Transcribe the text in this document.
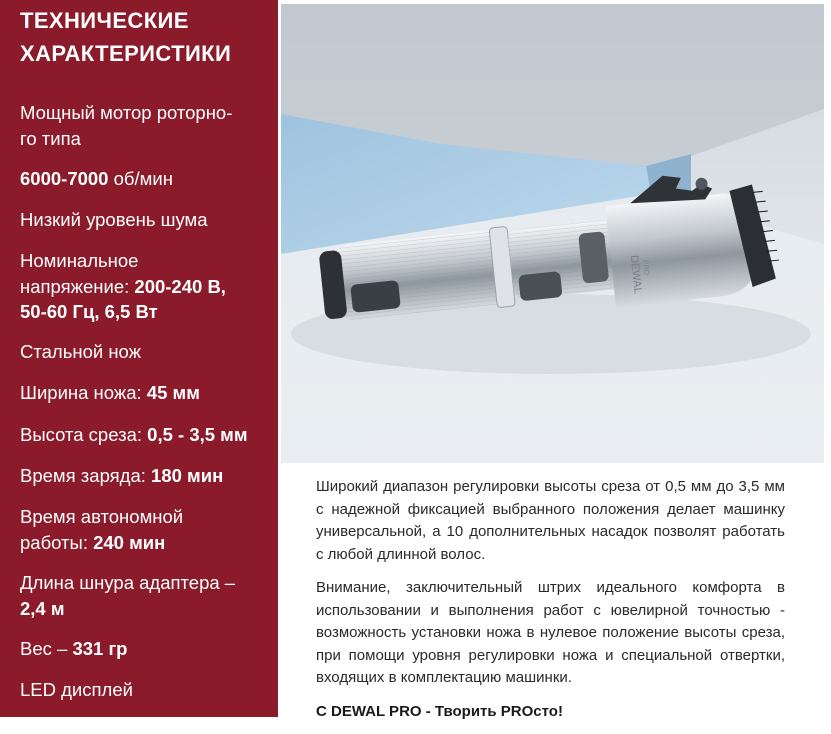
ТЕХНИЧЕСКИЕ
ХАРАКТЕРИСТИКИ
Мощный мотор роторно-
го типа
6000-7000 об/мин
Низкий уровень шума
Номинальное
напряжение: 200-240 В,
50-60 Гц, 6,5 Вт
Стальной нож
Ширина ножа: 45 мм
Высота среза: 0,5 - 3,5 мм
Время заряда: 180 мин
Время автономной
работы: 240 мин
Длина шнура адаптера –
2,4 м
Вес – 331 гр
LED дисплей
DEWAL
PRO

Широкий диапазон регулировки высоты среза от 0,5 мм до 3,5 мм с надежной фиксацией выбранного положения делает машинку универсальной, а 10 дополнительных насадок позволят работать с любой длинной волос.

Внимание, заключительный штрих идеального комфорта в использовании и выполнения работ с ювелирной точностью - возможность установки ножа в нулевое положение высоты среза, при помощи уровня регулировки ножа и специальной отвертки, входящих в комплектацию машинки.

С DEWAL PRO - Творить PROсто!
